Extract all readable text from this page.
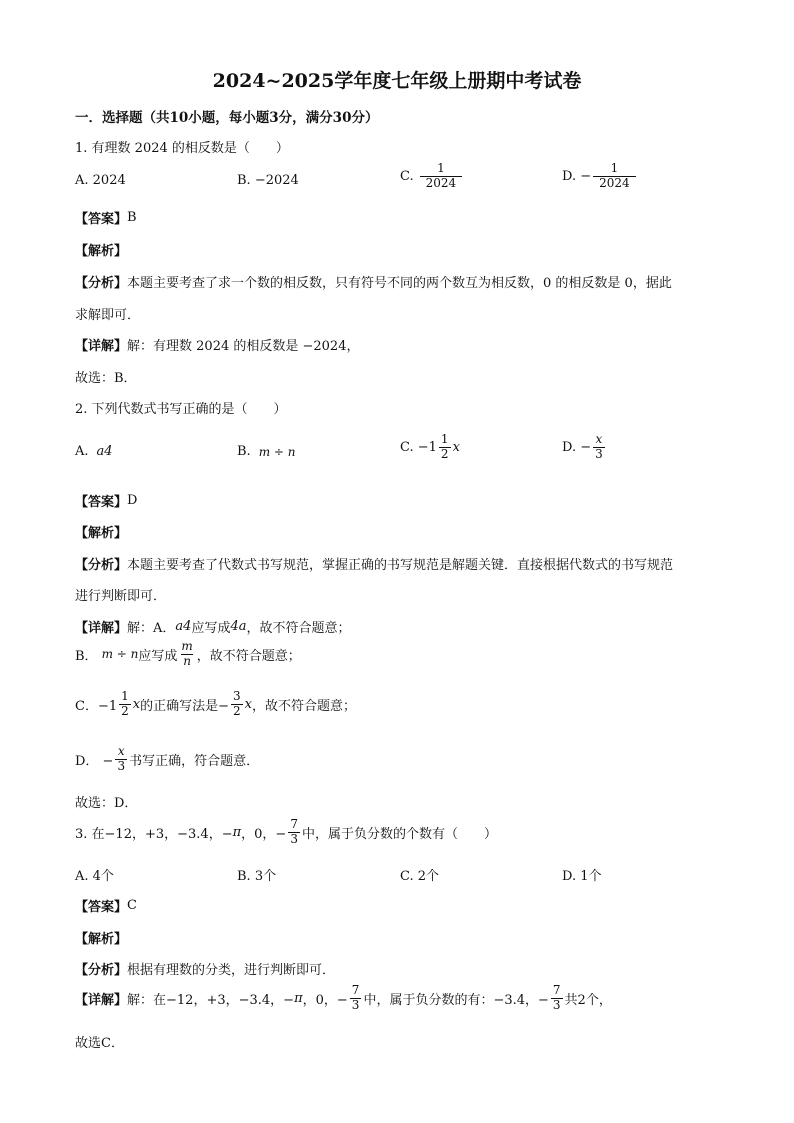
2024~2025学年度七年级上册期中考试卷
一．选择题（共10小题，每小题3分，满分30分）
1. 有理数 2024 的相反数是（　　）
A. 2024	B. −2024	C. $\frac{1}{2024}$	D. − $\frac{1}{2024}$
【答案】 B
【解析】
【分析】 本题主要考查了求一个数的相反数，只有符号不同的两个数互为相反数，0 的相反数是 0，据此
求解即可．
【详解】 解：有理数 2024 的相反数是 −2024，
故选：B．
2. 下列代数式书写正确的是（　　）
A. a4	B. m ÷ n	C. $-1 \frac{1}{2}$ x	D. − $\frac{x}{3}$
【答案】 D
【解析】
【分析】 本题主要考查了代数式书写规范，掌握正确的书写规范是解题关键．直接根据代数式的书写规范
进行判断即可．
【详解】 解：A． a4 应写成 4a ，故不符合题意；
B． m ÷ n 应写成 $\frac{m}{n}$ ，故不符合题意；
C．$-1 \frac{1}{2}$ x 的正确写法是− $\frac{3}{2}$ x ，故不符合题意；
D． − $\frac{x}{3}$ 书写正确，符合题意．
故选：D．
3. 在−12，+3，−3.4，− π ，0，− $\frac{7}{3}$ 中，属于负分数的个数有（　　）
A. 4个	B. 3个	C. 2个	D. 1个
【答案】 C
【解析】
【分析】 根据有理数的分类，进行判断即可．
【详解】 解：在−12，+3，−3.4，− π ，0，− $\frac{7}{3}$ 中，属于负分数的有：−3.4，− $\frac{7}{3}$ 共2个，
故选C．
